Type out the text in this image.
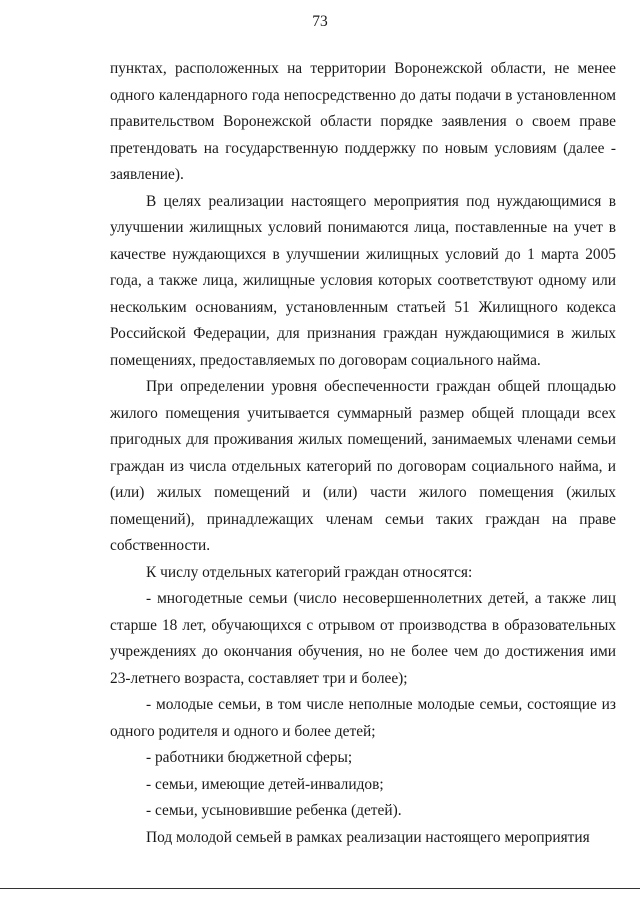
73

пунктах, расположенных на территории Воронежской области, не менее одного календарного года непосредственно до даты подачи в установленном правительством Воронежской области порядке заявления о своем праве претендовать на государственную поддержку по новым условиям (далее - заявление).

В целях реализации настоящего мероприятия под нуждающимися в улучшении жилищных условий понимаются лица, поставленные на учет в качестве нуждающихся в улучшении жилищных условий до 1 марта 2005 года, а также лица, жилищные условия которых соответствуют одному или нескольким основаниям, установленным статьей 51 Жилищного кодекса Российской Федерации, для признания граждан нуждающимися в жилых помещениях, предоставляемых по договорам социального найма.

При определении уровня обеспеченности граждан общей площадью жилого помещения учитывается суммарный размер общей площади всех пригодных для проживания жилых помещений, занимаемых членами семьи граждан из числа отдельных категорий по договорам социального найма, и (или) жилых помещений и (или) части жилого помещения (жилых помещений), принадлежащих членам семьи таких граждан на праве собственности.

К числу отдельных категорий граждан относятся:

- многодетные семьи (число несовершеннолетних детей, а также лиц старше 18 лет, обучающихся с отрывом от производства в образовательных учреждениях до окончания обучения, но не более чем до достижения ими 23-летнего возраста, составляет три и более);

- молодые семьи, в том числе неполные молодые семьи, состоящие из одного родителя и одного и более детей;

- работники бюджетной сферы;

- семьи, имеющие детей-инвалидов;

- семьи, усыновившие ребенка (детей).

Под молодой семьей в рамках реализации настоящего мероприятия
